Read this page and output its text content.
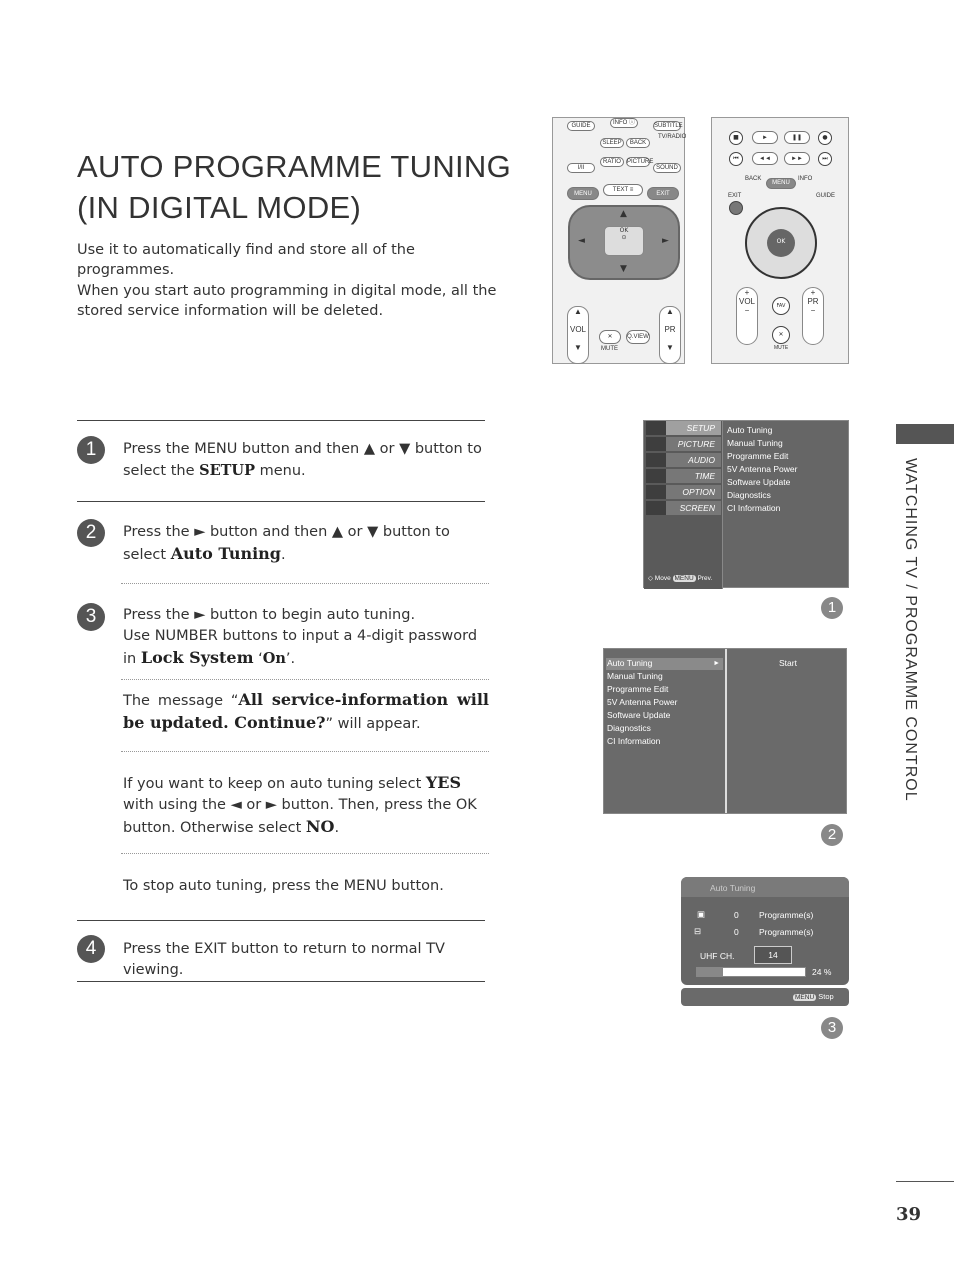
AUTO PROGRAMME TUNING
(IN DIGITAL MODE)
Use it to automatically find and store all of the programmes.
When you start auto programming in digital mode, all the stored service information will be deleted.
1	Press the MENU button and then ▲ or ▼ button to select the SETUP menu.
2	Press the ► button and then ▲ or ▼ button to select Auto Tuning.
3	Press the ► button to begin auto tuning.
Use NUMBER buttons to input a 4-digit password in Lock System ‘On’.
The message “All service-information will be updated. Continue?” will appear.
If you want to keep on auto tuning select YES with using the ◄ or ► button. Then, press the OK button. Otherwise select NO.
To stop auto tuning, press the MENU button.
4	Press the EXIT button to return to normal TV viewing.
GUIDE	INFO ⓘ	SUBTITLE
SLEEP	BACK
TV/RADIO
I/II
RATIO	PICTURE
SOUND
MENU
TEXT ≡
EXIT
OK
⊙
▲
▼
◄	►
▲

VOL

▼
▲

PR

▼
✕
MUTE
Q.VIEW
■	►	❚❚	●
⏮	◄◄	►►	⏭
BACK
MENU
INFO
EXIT	GUIDE
OK
+
VOL
−
+
PR
−
FAV
✕
MUTE
SETUP
PICTURE
AUDIO
TIME
OPTION
SCREEN
◇ Move MENU Prev.
Auto Tuning
Manual Tuning
Programme Edit
5V Antenna Power
Software Update
Diagnostics
CI Information
1
Auto Tuning	►
Manual Tuning
Programme Edit
5V Antenna Power
Software Update
Diagnostics
CI Information
Start
2
Auto Tuning
▣	0 Programme(s)
⊟	0 Programme(s)
UHF CH.	14
24 %
MENU Stop
3
WATCHING TV / PROGRAMME CONTROL
39
